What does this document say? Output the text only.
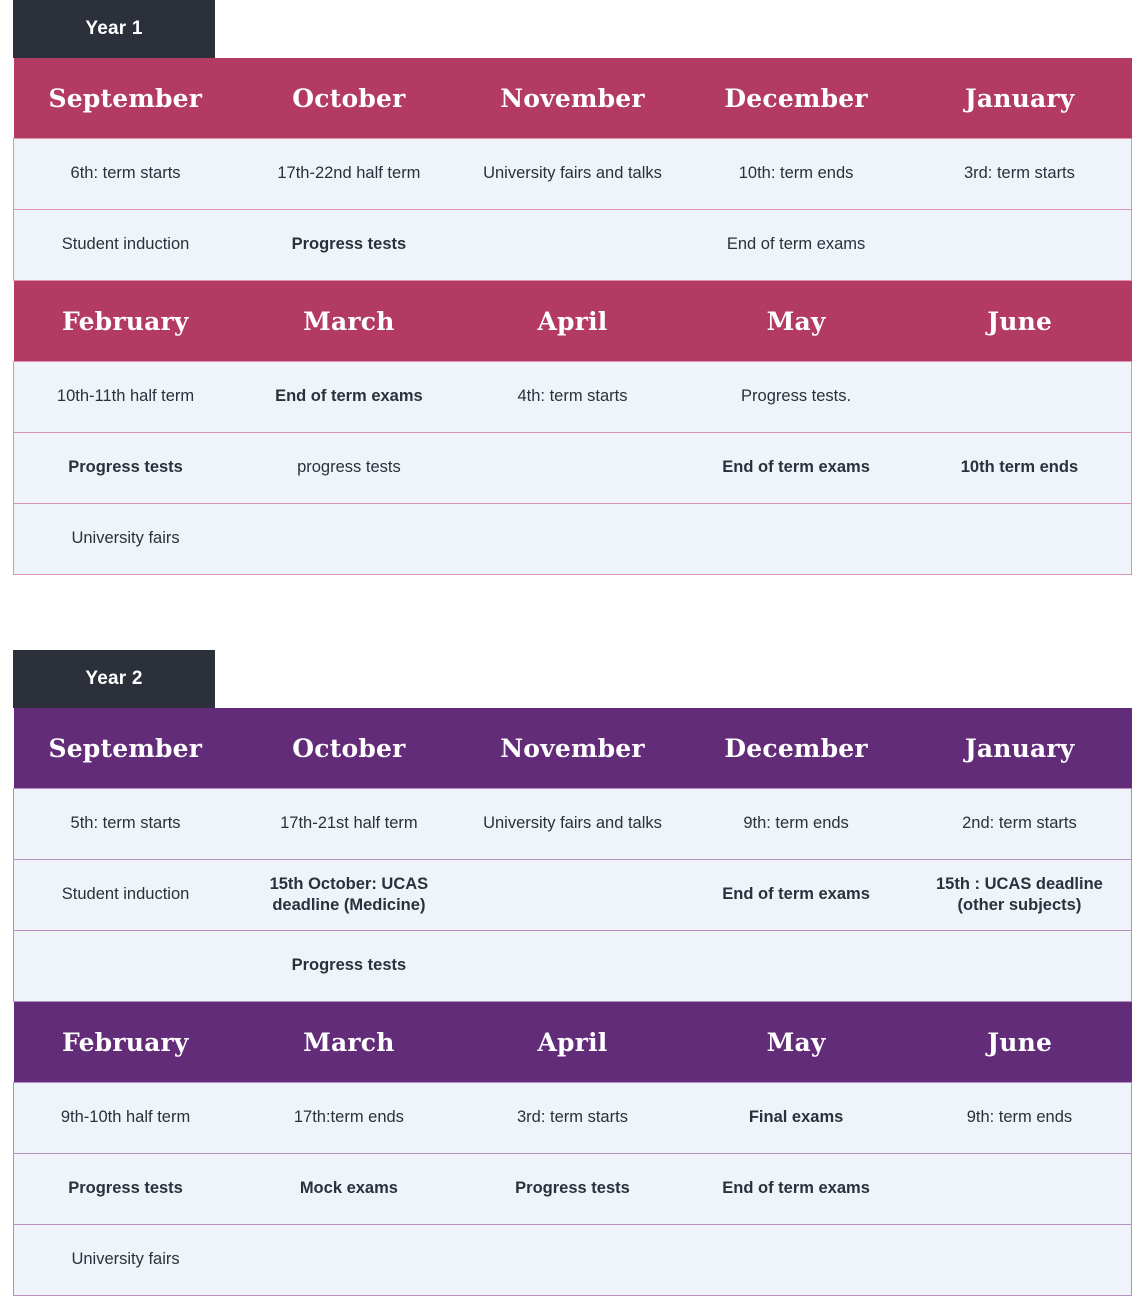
Year 1
September	October	November	December	January
6th: term starts	17th-22nd half term	University fairs and talks	10th: term ends	3rd: term starts
Student induction	Progress tests		End of term exams	
February	March	April	May	June
10th-11th half term	End of term exams	4th: term starts	Progress tests.	
Progress tests	progress tests		End of term exams	10th term ends
University fairs				
Year 2
September	October	November	December	January
5th: term starts	17th-21st half term	University fairs and talks	9th: term ends	2nd: term starts
Student induction	15th October: UCAS deadline (Medicine)		End of term exams	15th : UCAS deadline (other subjects)
	Progress tests			
February	March	April	May	June
9th-10th half term	17th:term ends	3rd: term starts	Final exams	9th: term ends
Progress tests	Mock exams	Progress tests	End of term exams	
University fairs				
